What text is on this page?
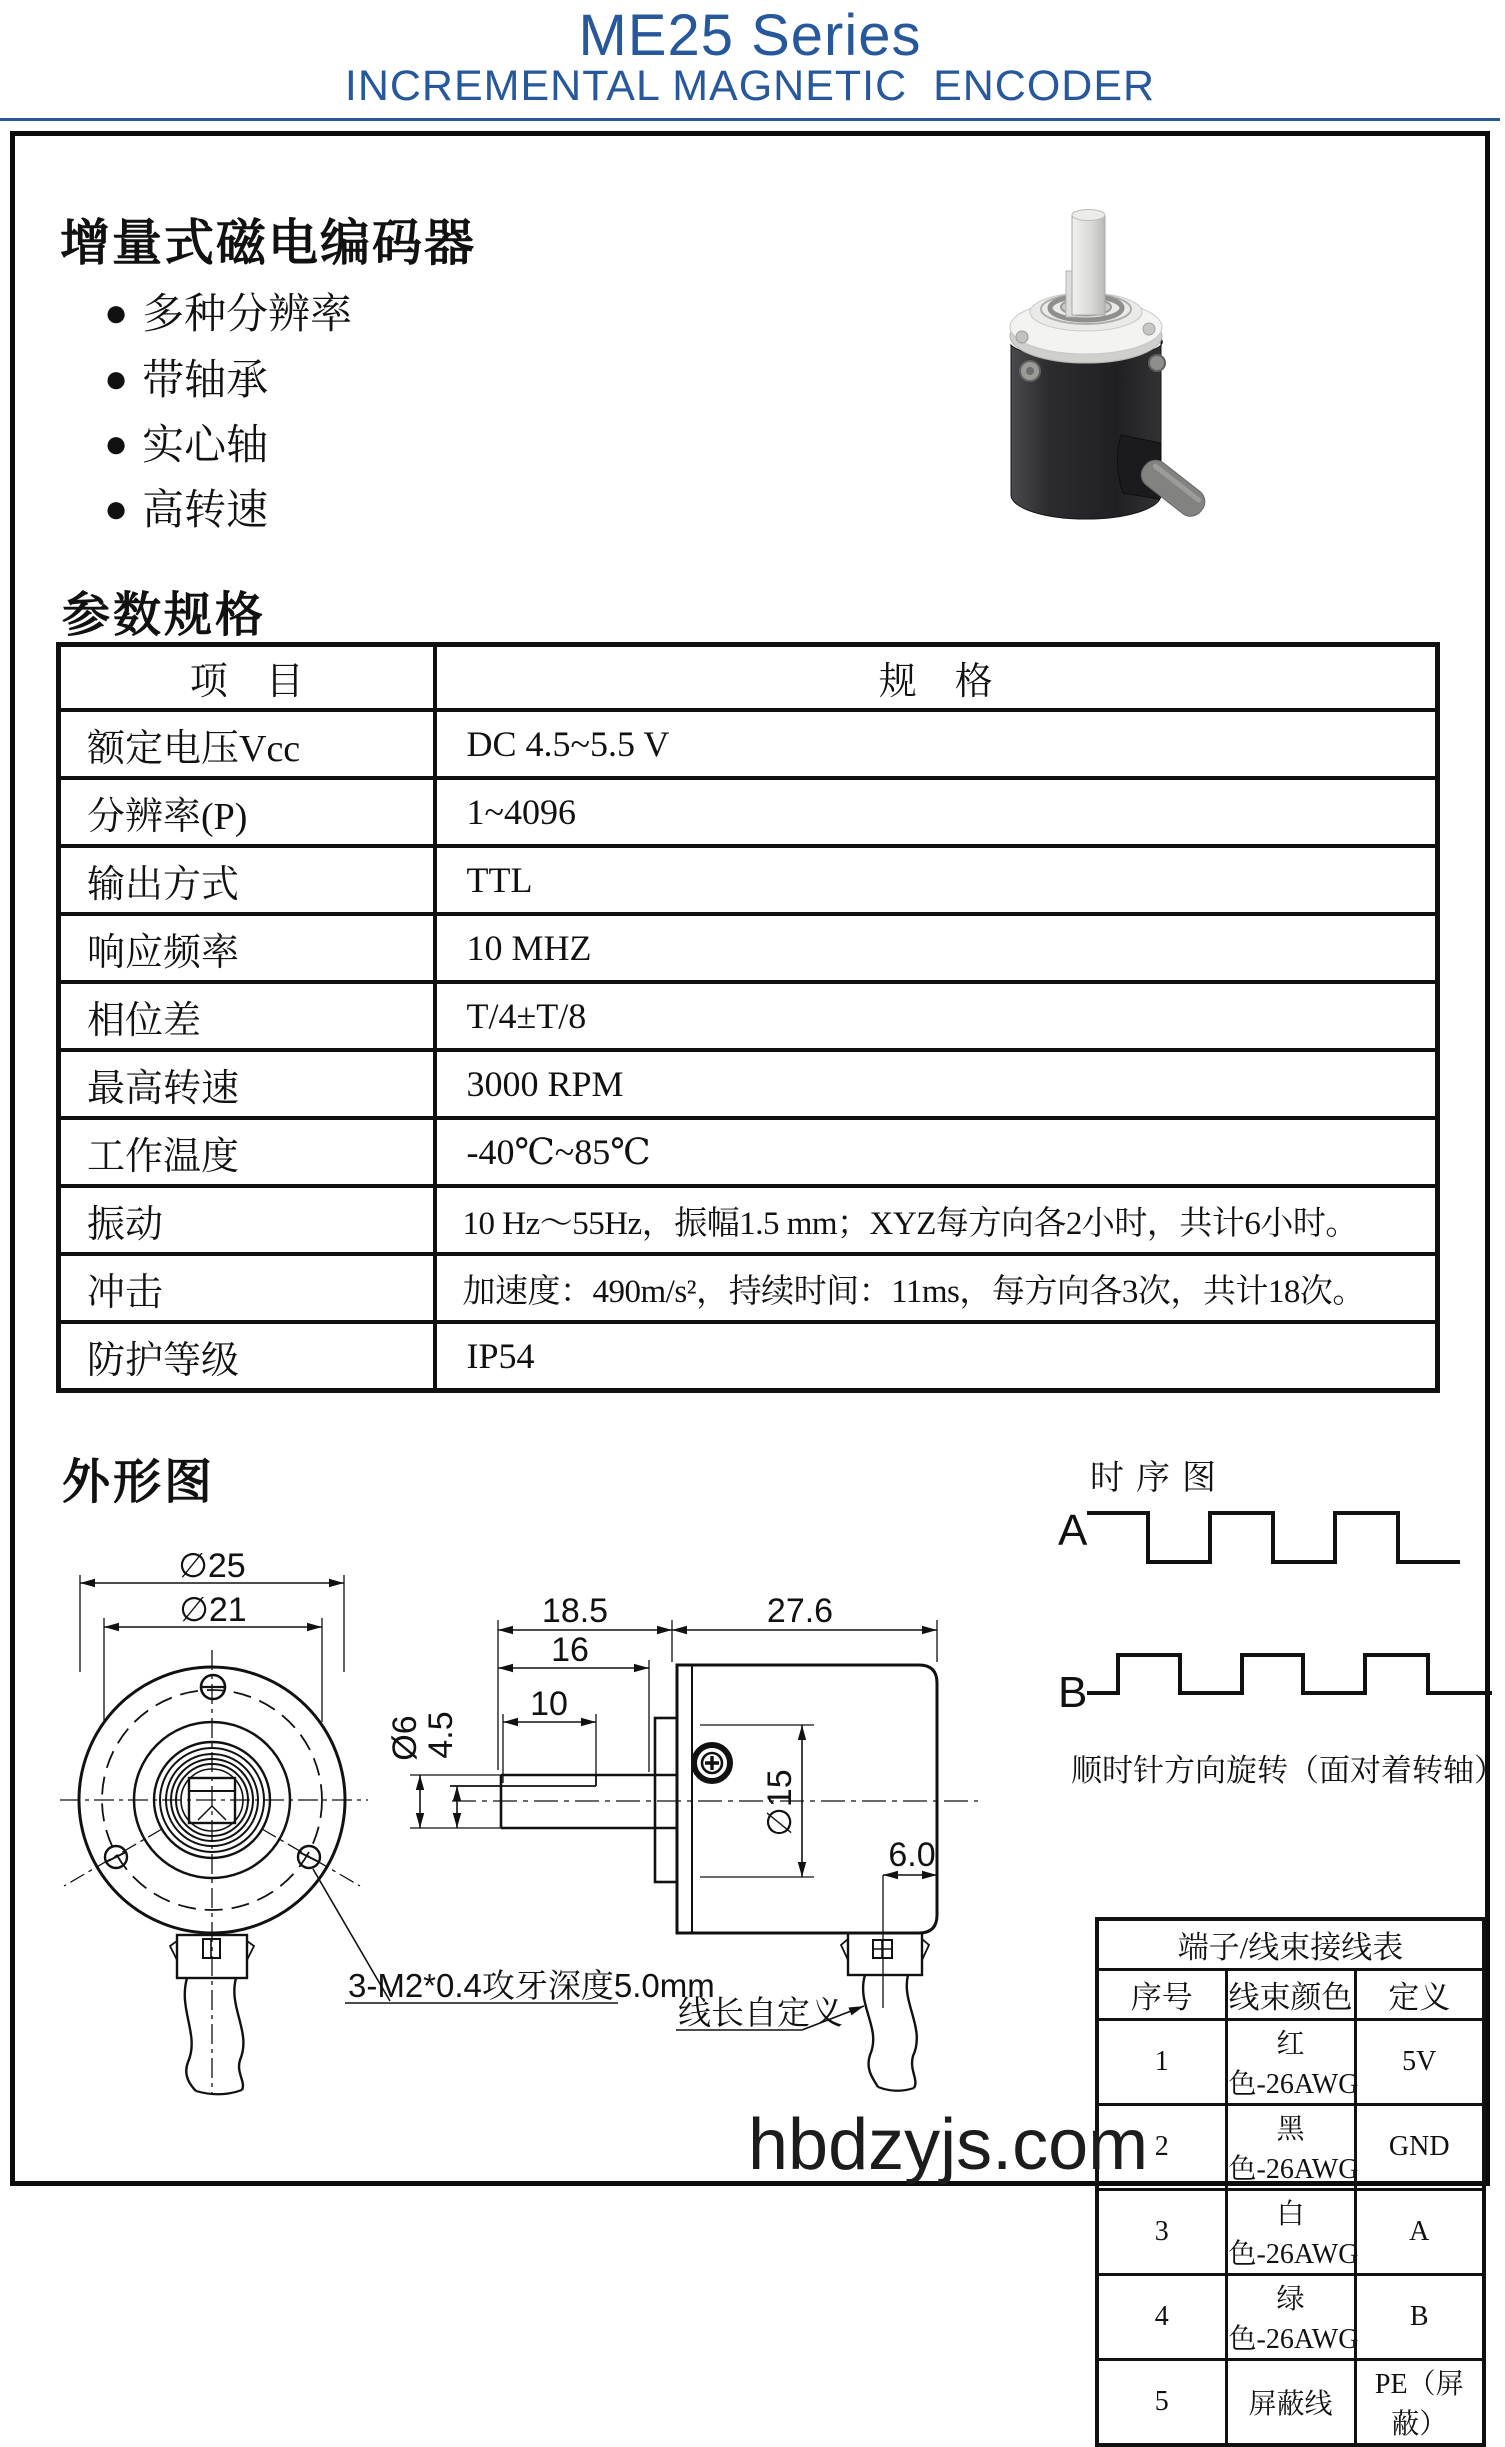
ME25 Series
INCREMENTAL MAGNETIC  ENCODER
增量式磁电编码器
● 多种分辨率
● 带轴承
● 实心轴
● 高转速
参数规格
项　目	规　格
额定电压Vcc	DC 4.5~5.5 V
分辨率(P)	1~4096
输出方式	TTL
响应频率	10 MHZ
相位差	T/4±T/8
最高转速	3000 RPM
工作温度	-40℃~85℃
振动	10 Hz～55Hz，振幅1.5 mm；XYZ每方向各2小时，共计6小时。
冲击	加速度：490m/s²，持续时间：11ms，每方向各3次，共计18次。
防护等级	IP54
外形图
∅25
∅21	18.5	27.6
16
10
Ø6
4.5
∅15
6.0
3-M2*0.4攻牙深度5.0mm
线长自定义
时序图
A
B
顺时针方向旋转（面对着转轴）
端子/线束接线表		
序号	线束颜色	定义
1	红色-26AWG	5V
2	黑色-26AWG	GND
3	白色-26AWG	A
4	绿色-26AWG	B
5	屏蔽线	PE（屏蔽）
hbdzyjs.com
